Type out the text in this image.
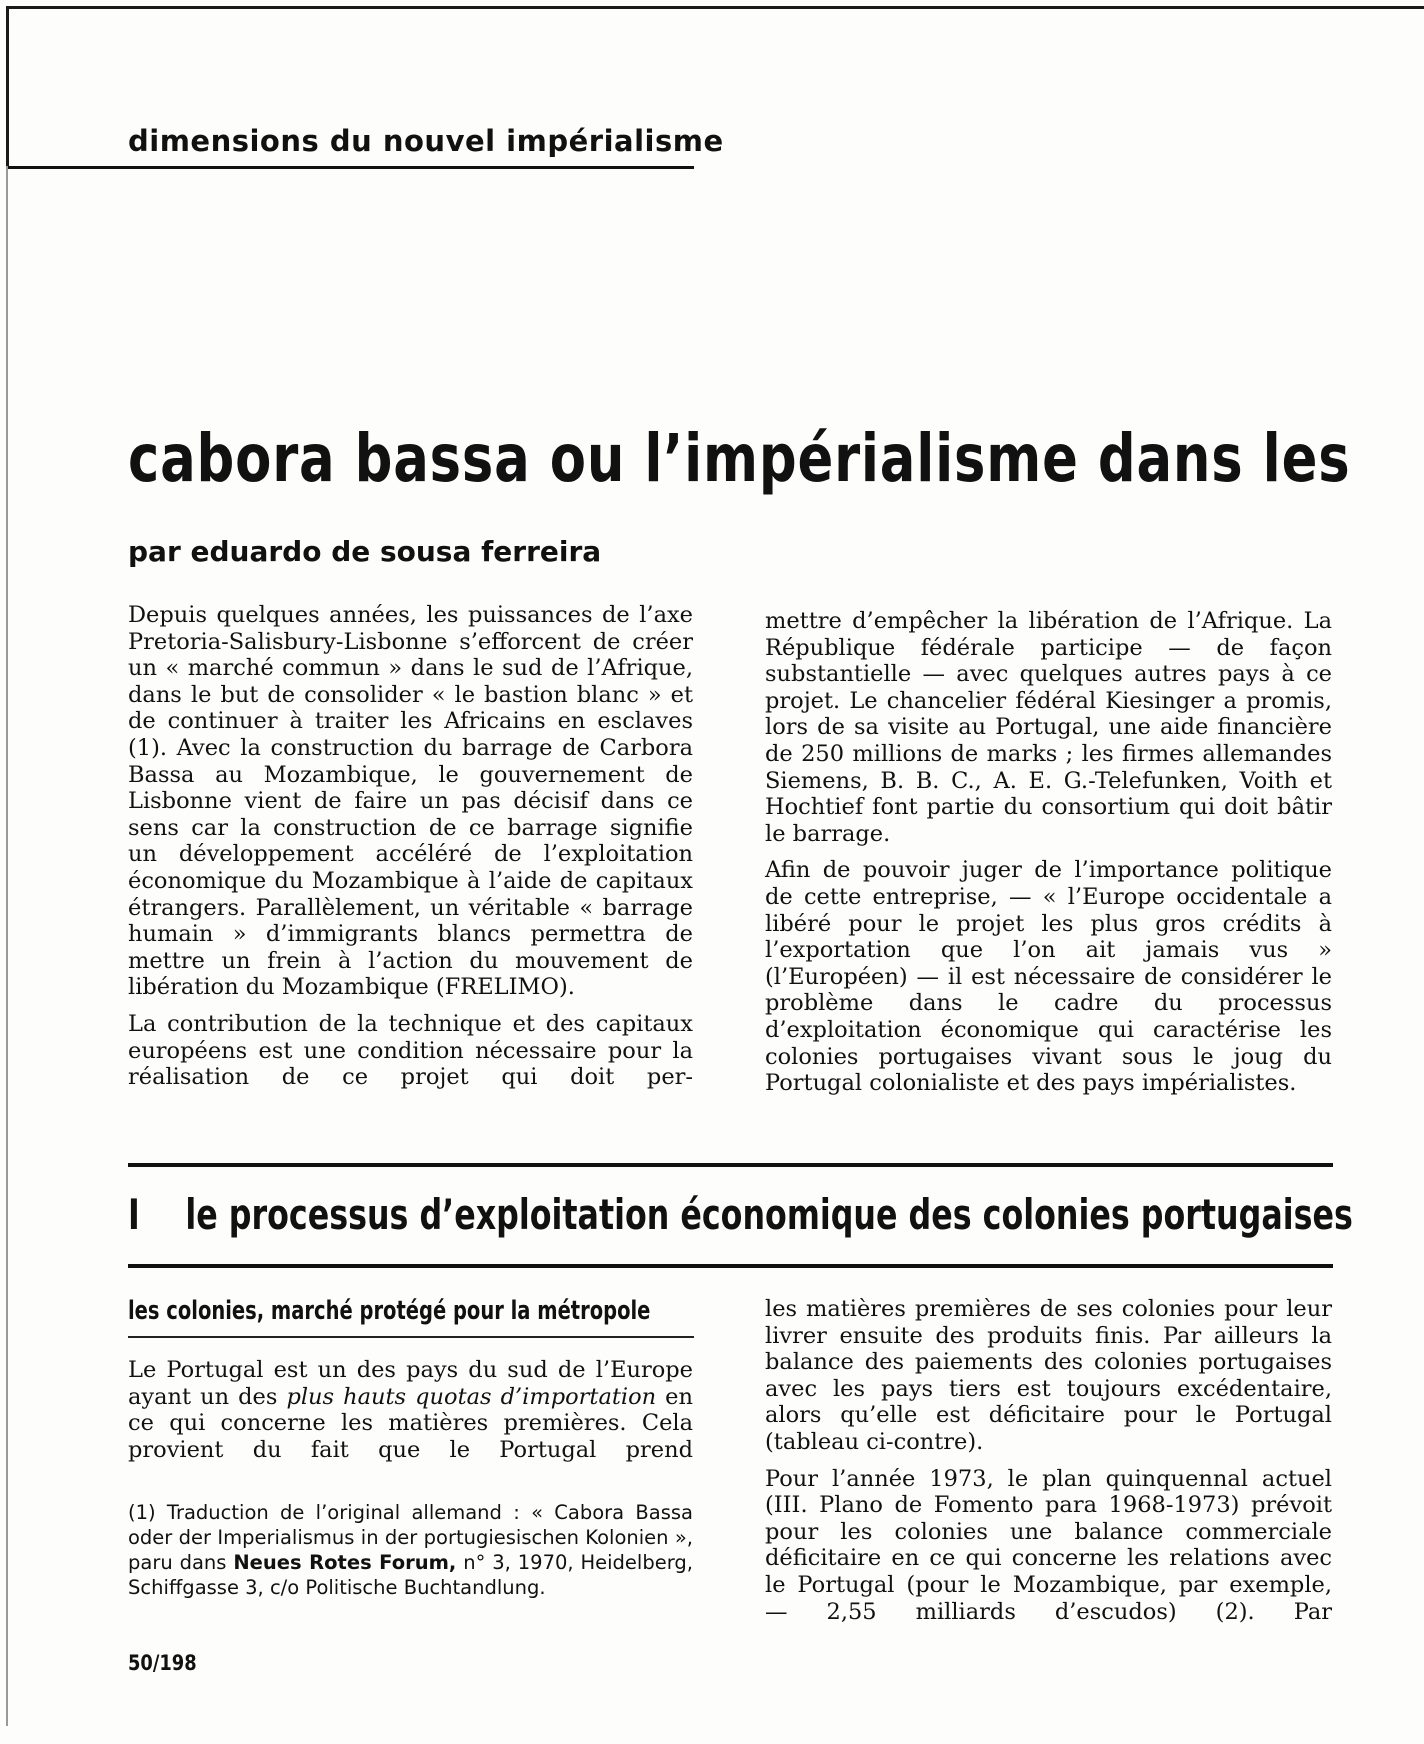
dimensions du nouvel impérialisme
cabora bassa ou l’impérialisme dans les
par eduardo de sousa ferreira

Depuis quelques années, les puissances de l’axe Pretoria-Salisbury-Lisbonne s’efforcent de créer un « marché commun » dans le sud de l’Afrique, dans le but de consolider « le bastion blanc » et de continuer à traiter les Africains en esclaves (1). Avec la construction du barrage de Carbora Bassa au Mozambique, le gouvernement de Lisbonne vient de faire un pas décisif dans ce sens car la construction de ce barrage signifie un développement accéléré de l’exploitation économique du Mozambique à l’aide de capitaux étrangers. Parallèlement, un véritable « barrage humain » d’immigrants blancs permettra de mettre un frein à l’action du mouvement de libération du Mozambique (FRELIMO).

La contribution de la technique et des capitaux européens est une condition nécessaire pour la réalisation de ce projet qui doit per-

mettre d’empêcher la libération de l’Afrique. La République fédérale participe — de façon substantielle — avec quelques autres pays à ce projet. Le chancelier fédéral Kiesinger a promis, lors de sa visite au Portugal, une aide financière de 250 millions de marks ; les firmes allemandes Siemens, B. B. C., A. E. G.-Telefunken, Voith et Hochtief font partie du consortium qui doit bâtir le barrage.

Afin de pouvoir juger de l’importance politique de cette entreprise, — « l’Europe occidentale a libéré pour le projet les plus gros crédits à l’exportation que l’on ait jamais vus » (l’Européen) — il est nécessaire de considérer le problème dans le cadre du processus d’exploitation économique qui caractérise les colonies portugaises vivant sous le joug du Portugal colonialiste et des pays impérialistes.

I le processus d’exploitation économique des colonies portugaises
les colonies, marché protégé pour la métropole

Le Portugal est un des pays du sud de l’Europe ayant un des plus hauts quotas d’importation en ce qui concerne les matières premières. Cela provient du fait que le Portugal prend

les matières premières de ses colonies pour leur livrer ensuite des produits finis. Par ailleurs la balance des paiements des colonies portugaises avec les pays tiers est toujours excédentaire, alors qu’elle est déficitaire pour le Portugal (tableau ci-contre).

Pour l’année 1973, le plan quinquennal actuel (III. Plano de Fomento para 1968-1973) prévoit pour les colonies une balance commerciale déficitaire en ce qui concerne les relations avec le Portugal (pour le Mozambique, par exemple, — 2,55 milliards d’escudos) (2). Par

(1) Traduction de l’original allemand : « Cabora Bassa oder der Imperialismus in der portugiesischen Kolonien », paru dans Neues Rotes Forum, n° 3, 1970, Heidelberg, Schiffgasse 3, c/o Politische Buchtandlung.

50/198
